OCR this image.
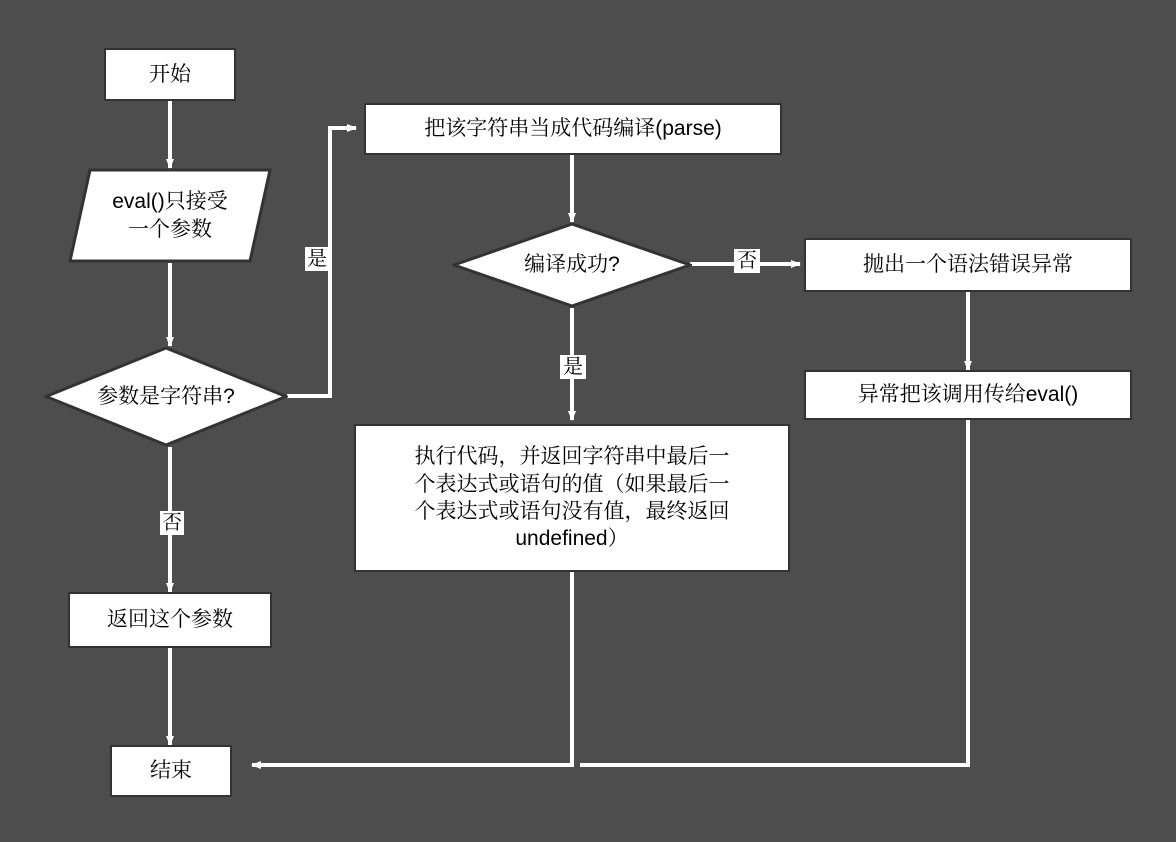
开始
eval()只接受
一个参数
参数是字符串?
返回这个参数
结束
把该字符串当成代码编译(parse)
编译成功?	抛出一个语法错误异常
异常把该调用传给eval()
执行代码，并返回字符串中最后一
个表达式或语句的值（如果最后一
个表达式或语句没有值，最终返回
undefined）
是
否
否
是
